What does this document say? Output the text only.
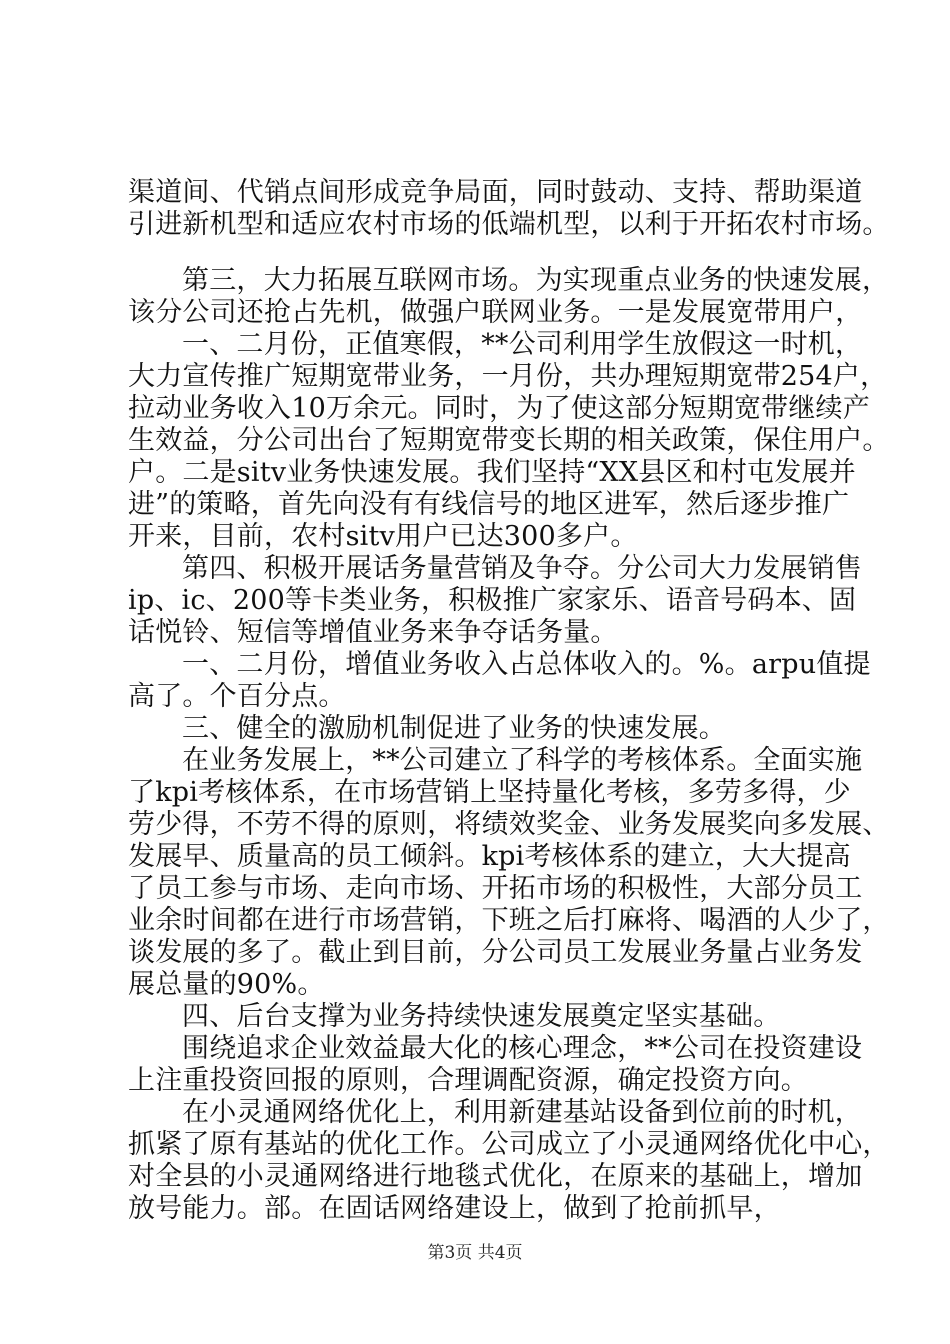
渠道间、代销点间形成竞争局面，同时鼓动、支持、帮助渠道
引进新机型和适应农村市场的低端机型，以利于开拓农村市场。
第三，大力拓展互联网市场。为实现重点业务的快速发展，
该分公司还抢占先机，做强户联网业务。一是发展宽带用户，
一、二月份，正值寒假，**公司利用学生放假这一时机，
大力宣传推广短期宽带业务，一月份，共办理短期宽带254户，
拉动业务收入10万余元。同时，为了使这部分短期宽带继续产
生效益，分公司出台了短期宽带变长期的相关政策，保住用户。
户。二是sitv业务快速发展。我们坚持“XX县区和村屯发展并
进”的策略，首先向没有有线信号的地区进军，然后逐步推广
开来，目前，农村sitv用户已达300多户。
第四、积极开展话务量营销及争夺。分公司大力发展销售
ip、ic、200等卡类业务，积极推广家家乐、语音号码本、固
话悦铃、短信等增值业务来争夺话务量。
一、二月份，增值业务收入占总体收入的。%。arpu值提
高了。个百分点。
三、健全的激励机制促进了业务的快速发展。
在业务发展上，**公司建立了科学的考核体系。全面实施
了kpi考核体系，在市场营销上坚持量化考核，多劳多得，少
劳少得，不劳不得的原则，将绩效奖金、业务发展奖向多发展、
发展早、质量高的员工倾斜。kpi考核体系的建立，大大提高
了员工参与市场、走向市场、开拓市场的积极性，大部分员工
业余时间都在进行市场营销，下班之后打麻将、喝酒的人少了，
谈发展的多了。截止到目前，分公司员工发展业务量占业务发
展总量的90%。
四、后台支撑为业务持续快速发展奠定坚实基础。
围绕追求企业效益最大化的核心理念，**公司在投资建设
上注重投资回报的原则，合理调配资源，确定投资方向。
在小灵通网络优化上，利用新建基站设备到位前的时机，
抓紧了原有基站的优化工作。公司成立了小灵通网络优化中心，
对全县的小灵通网络进行地毯式优化，在原来的基础上，增加
放号能力。部。在固话网络建设上，做到了抢前抓早，
第3页 共4页
